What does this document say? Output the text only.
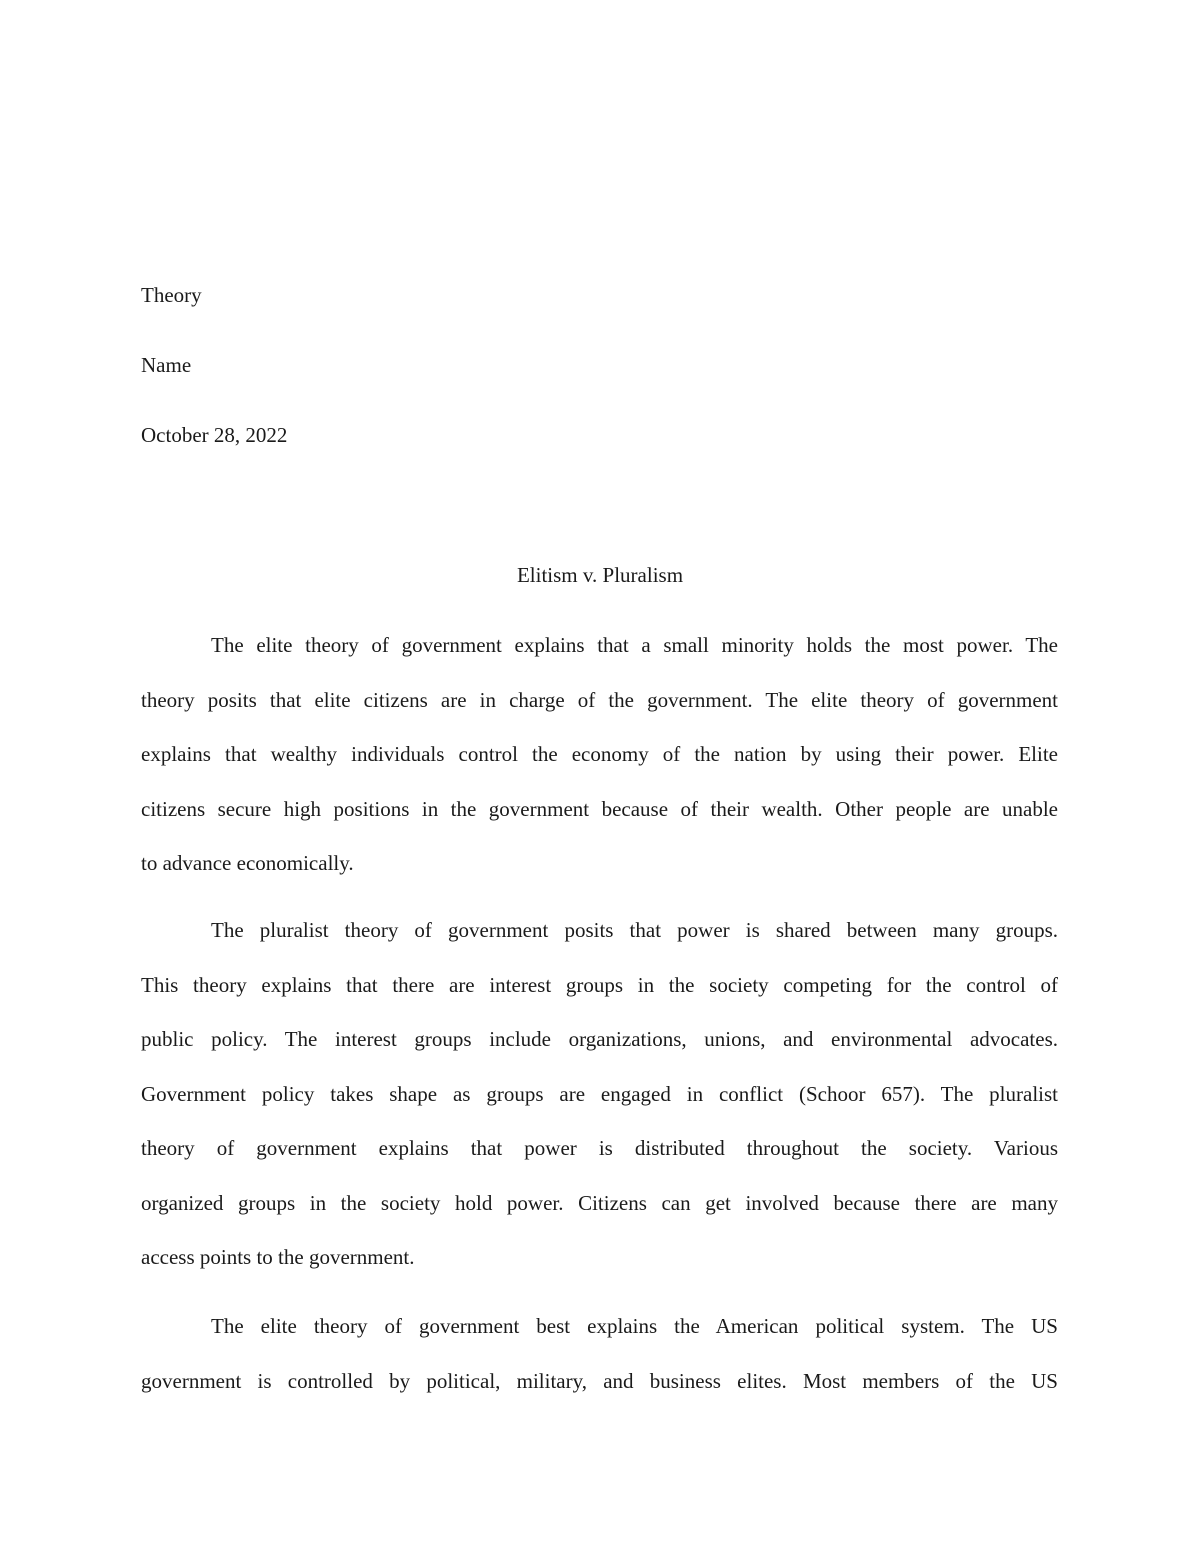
Theory
Name
October 28, 2022
Elitism v. Pluralism
The elite theory of government explains that a small minority holds the most power. The
theory posits that elite citizens are in charge of the government. The elite theory of government
explains that wealthy individuals control the economy of the nation by using their power. Elite
citizens secure high positions in the government because of their wealth. Other people are unable
to advance economically.
The pluralist theory of government posits that power is shared between many groups.
This theory explains that there are interest groups in the society competing for the control of
public policy. The interest groups include organizations, unions, and environmental advocates.
Government policy takes shape as groups are engaged in conflict (Schoor 657). The pluralist
theory of government explains that power is distributed throughout the society. Various
organized groups in the society hold power. Citizens can get involved because there are many
access points to the government.
The elite theory of government best explains the American political system. The US
government is controlled by political, military, and business elites. Most members of the US
